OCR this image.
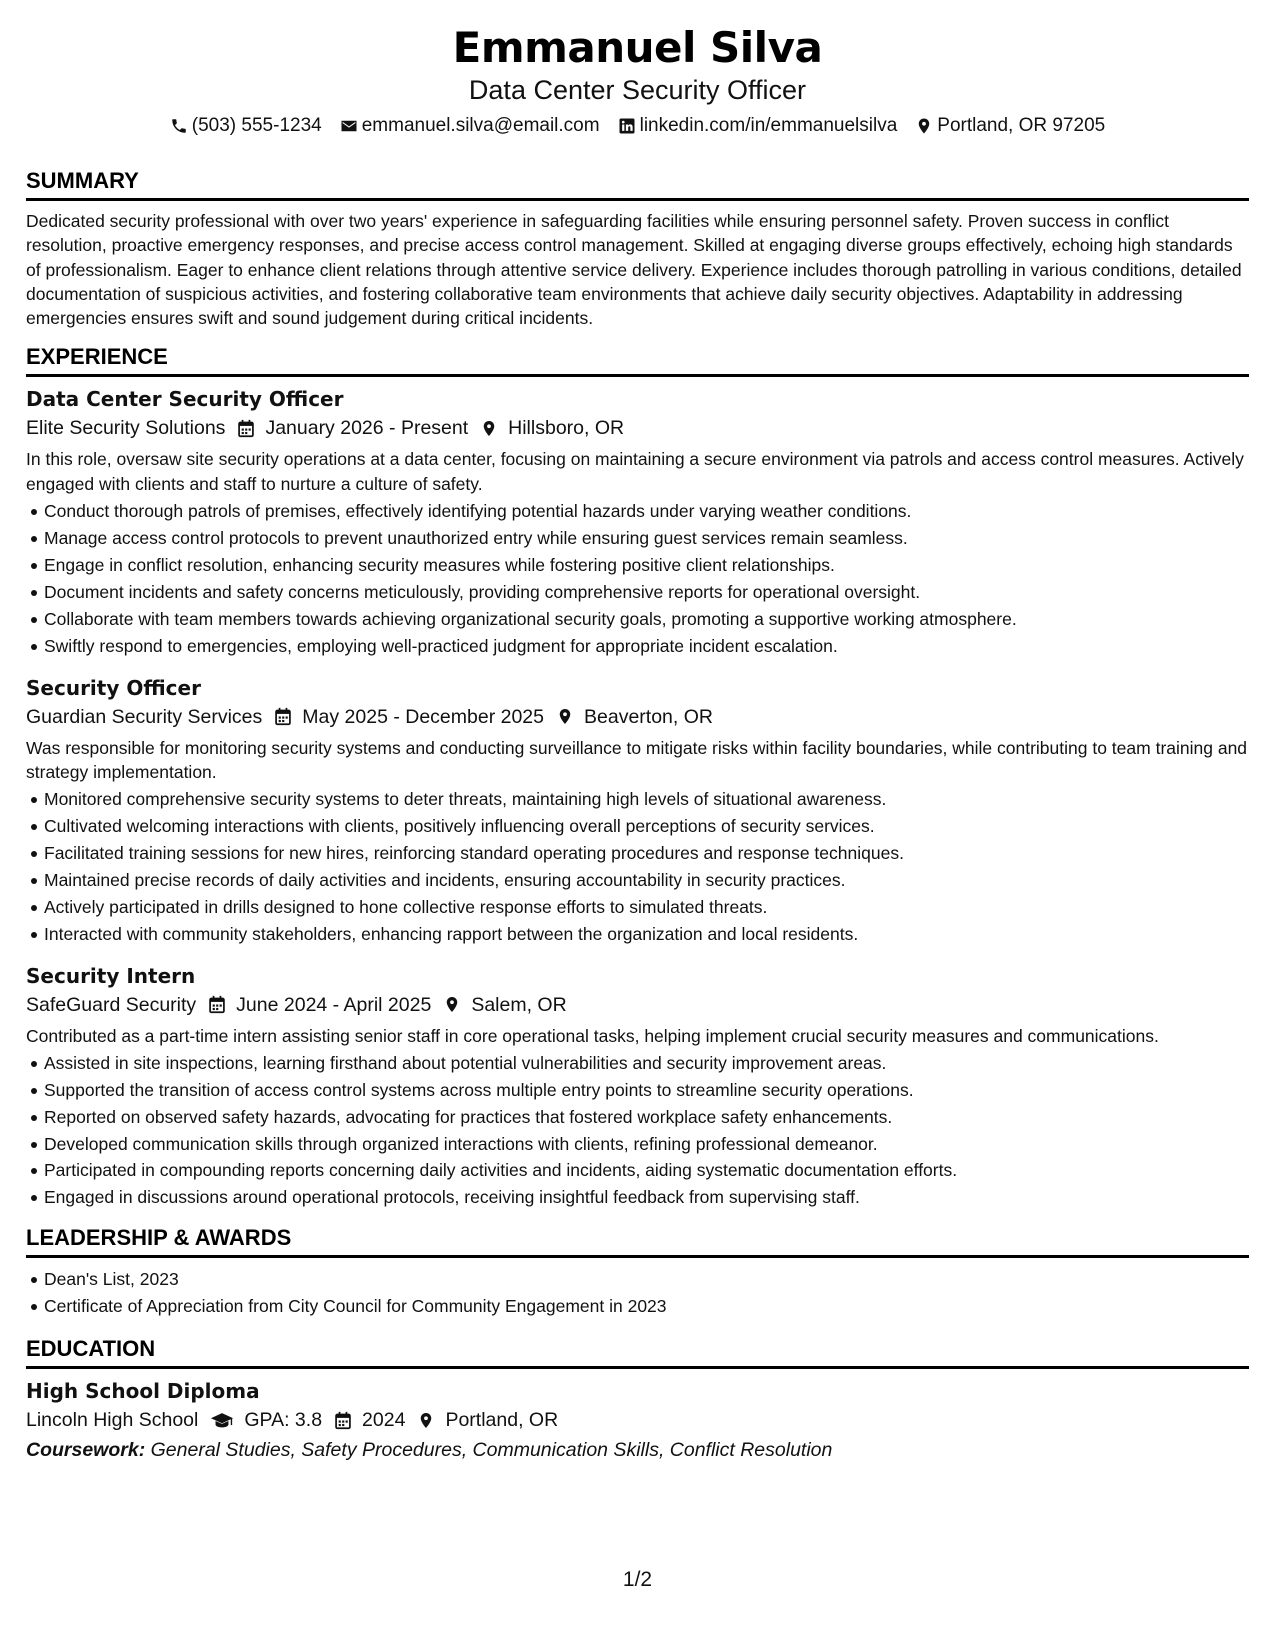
Emmanuel Silva
Data Center Security Officer
(503) 555-1234 emmanuel.silva@email.com linkedin.com/in/emmanuelsilva Portland, OR 97205
SUMMARY
Dedicated security professional with over two years' experience in safeguarding facilities while ensuring personnel safety. Proven success in conflict resolution, proactive emergency responses, and precise access control management. Skilled at engaging diverse groups effectively, echoing high standards of professionalism. Eager to enhance client relations through attentive service delivery. Experience includes thorough patrolling in various conditions, detailed documentation of suspicious activities, and fostering collaborative team environments that achieve daily security objectives. Adaptability in addressing emergencies ensures swift and sound judgement during critical incidents.
EXPERIENCE
Data Center Security Officer
Elite Security Solutions January 2026 - Present Hillsboro, OR
In this role, oversaw site security operations at a data center, focusing on maintaining a secure environment via patrols and access control measures. Actively engaged with clients and staff to nurture a culture of safety.
Conduct thorough patrols of premises, effectively identifying potential hazards under varying weather conditions.
Manage access control protocols to prevent unauthorized entry while ensuring guest services remain seamless.
Engage in conflict resolution, enhancing security measures while fostering positive client relationships.
Document incidents and safety concerns meticulously, providing comprehensive reports for operational oversight.
Collaborate with team members towards achieving organizational security goals, promoting a supportive working atmosphere.
Swiftly respond to emergencies, employing well-practiced judgment for appropriate incident escalation.
Security Officer
Guardian Security Services May 2025 - December 2025 Beaverton, OR
Was responsible for monitoring security systems and conducting surveillance to mitigate risks within facility boundaries, while contributing to team training and strategy implementation.
Monitored comprehensive security systems to deter threats, maintaining high levels of situational awareness.
Cultivated welcoming interactions with clients, positively influencing overall perceptions of security services.
Facilitated training sessions for new hires, reinforcing standard operating procedures and response techniques.
Maintained precise records of daily activities and incidents, ensuring accountability in security practices.
Actively participated in drills designed to hone collective response efforts to simulated threats.
Interacted with community stakeholders, enhancing rapport between the organization and local residents.
Security Intern
SafeGuard Security June 2024 - April 2025 Salem, OR
Contributed as a part-time intern assisting senior staff in core operational tasks, helping implement crucial security measures and communications.
Assisted in site inspections, learning firsthand about potential vulnerabilities and security improvement areas.
Supported the transition of access control systems across multiple entry points to streamline security operations.
Reported on observed safety hazards, advocating for practices that fostered workplace safety enhancements.
Developed communication skills through organized interactions with clients, refining professional demeanor.
Participated in compounding reports concerning daily activities and incidents, aiding systematic documentation efforts.
Engaged in discussions around operational protocols, receiving insightful feedback from supervising staff.
LEADERSHIP & AWARDS
Dean's List, 2023
Certificate of Appreciation from City Council for Community Engagement in 2023
EDUCATION
High School Diploma
Lincoln High School GPA: 3.8 2024 Portland, OR
Coursework: General Studies, Safety Procedures, Communication Skills, Conflict Resolution
1/2
